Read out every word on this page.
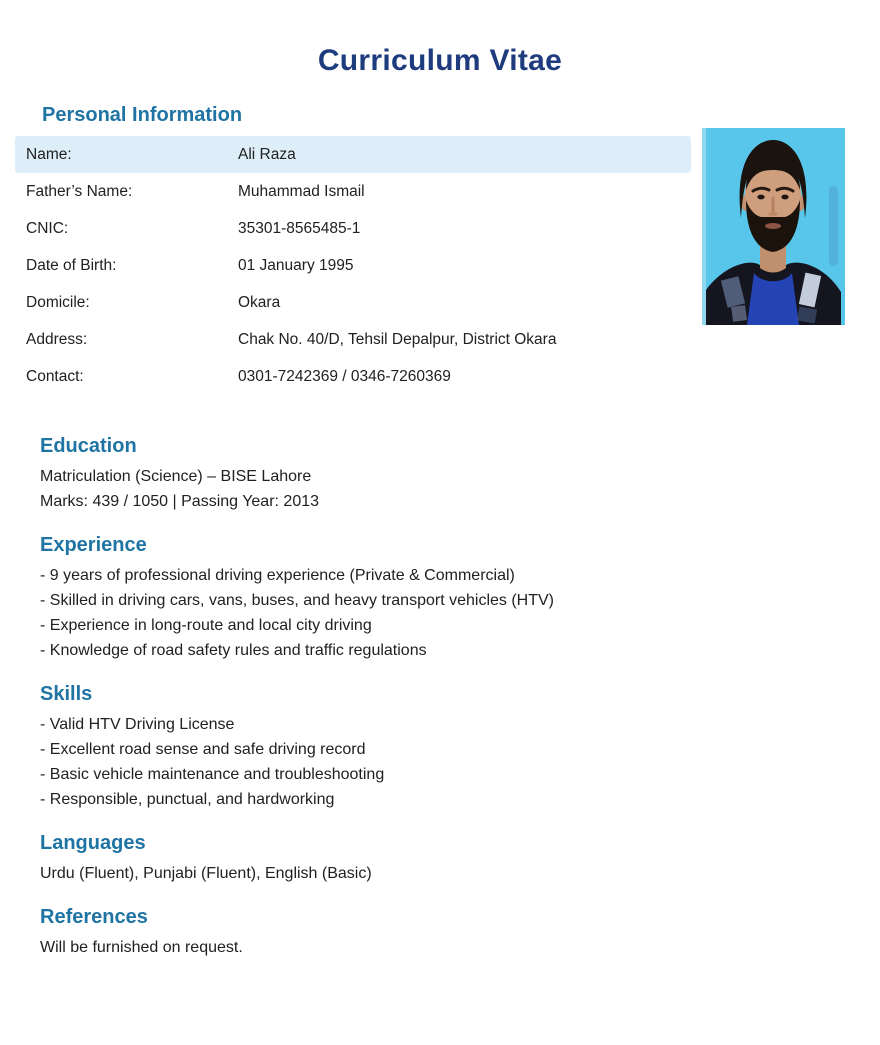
Curriculum Vitae
Personal Information
Name:	Ali Raza
Father’s Name:	Muhammad Ismail
CNIC:	35301-8565485-1
Date of Birth:	01 January 1995
Domicile:	Okara
Address:	Chak No. 40/D, Tehsil Depalpur, District Okara
Contact:	0301-7242369 / 0346-7260369
Education

Matriculation (Science) – BISE Lahore

Marks: 439 / 1050 | Passing Year: 2013

Experience

- 9 years of professional driving experience (Private & Commercial)

- Skilled in driving cars, vans, buses, and heavy transport vehicles (HTV)

- Experience in long-route and local city driving

- Knowledge of road safety rules and traffic regulations

Skills

- Valid HTV Driving License

- Excellent road sense and safe driving record

- Basic vehicle maintenance and troubleshooting

- Responsible, punctual, and hardworking

Languages

Urdu (Fluent), Punjabi (Fluent), English (Basic)

References

Will be furnished on request.
